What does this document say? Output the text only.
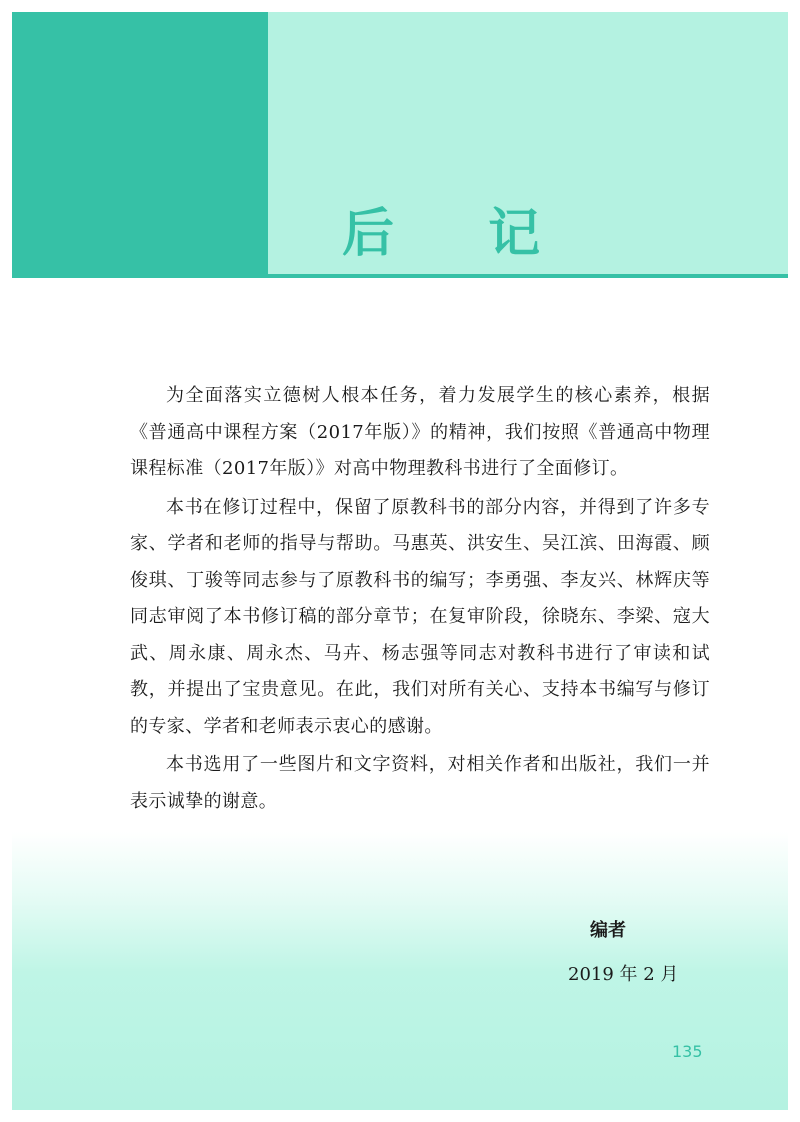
后 记

为全面落实立德树人根本任务，着力发展学生的核心素养，根据《普通高中课程方案（2017年版）》的精神，我们按照《普通高中物理课程标准（2017年版）》对高中物理教科书进行了全面修订。

本书在修订过程中，保留了原教科书的部分内容，并得到了许多专家、学者和老师的指导与帮助。马惠英、洪安生、吴江滨、田海霞、顾俊琪、丁骏等同志参与了原教科书的编写；李勇强、李友兴、林辉庆等同志审阅了本书修订稿的部分章节；在复审阶段，徐晓东、李梁、寇大武、周永康、周永杰、马卉、杨志强等同志对教科书进行了审读和试教，并提出了宝贵意见。在此，我们对所有关心、支持本书编写与修订的专家、学者和老师表示衷心的感谢。

本书选用了一些图片和文字资料，对相关作者和出版社，我们一并表示诚挚的谢意。

编者

2019 年 2 月

135
